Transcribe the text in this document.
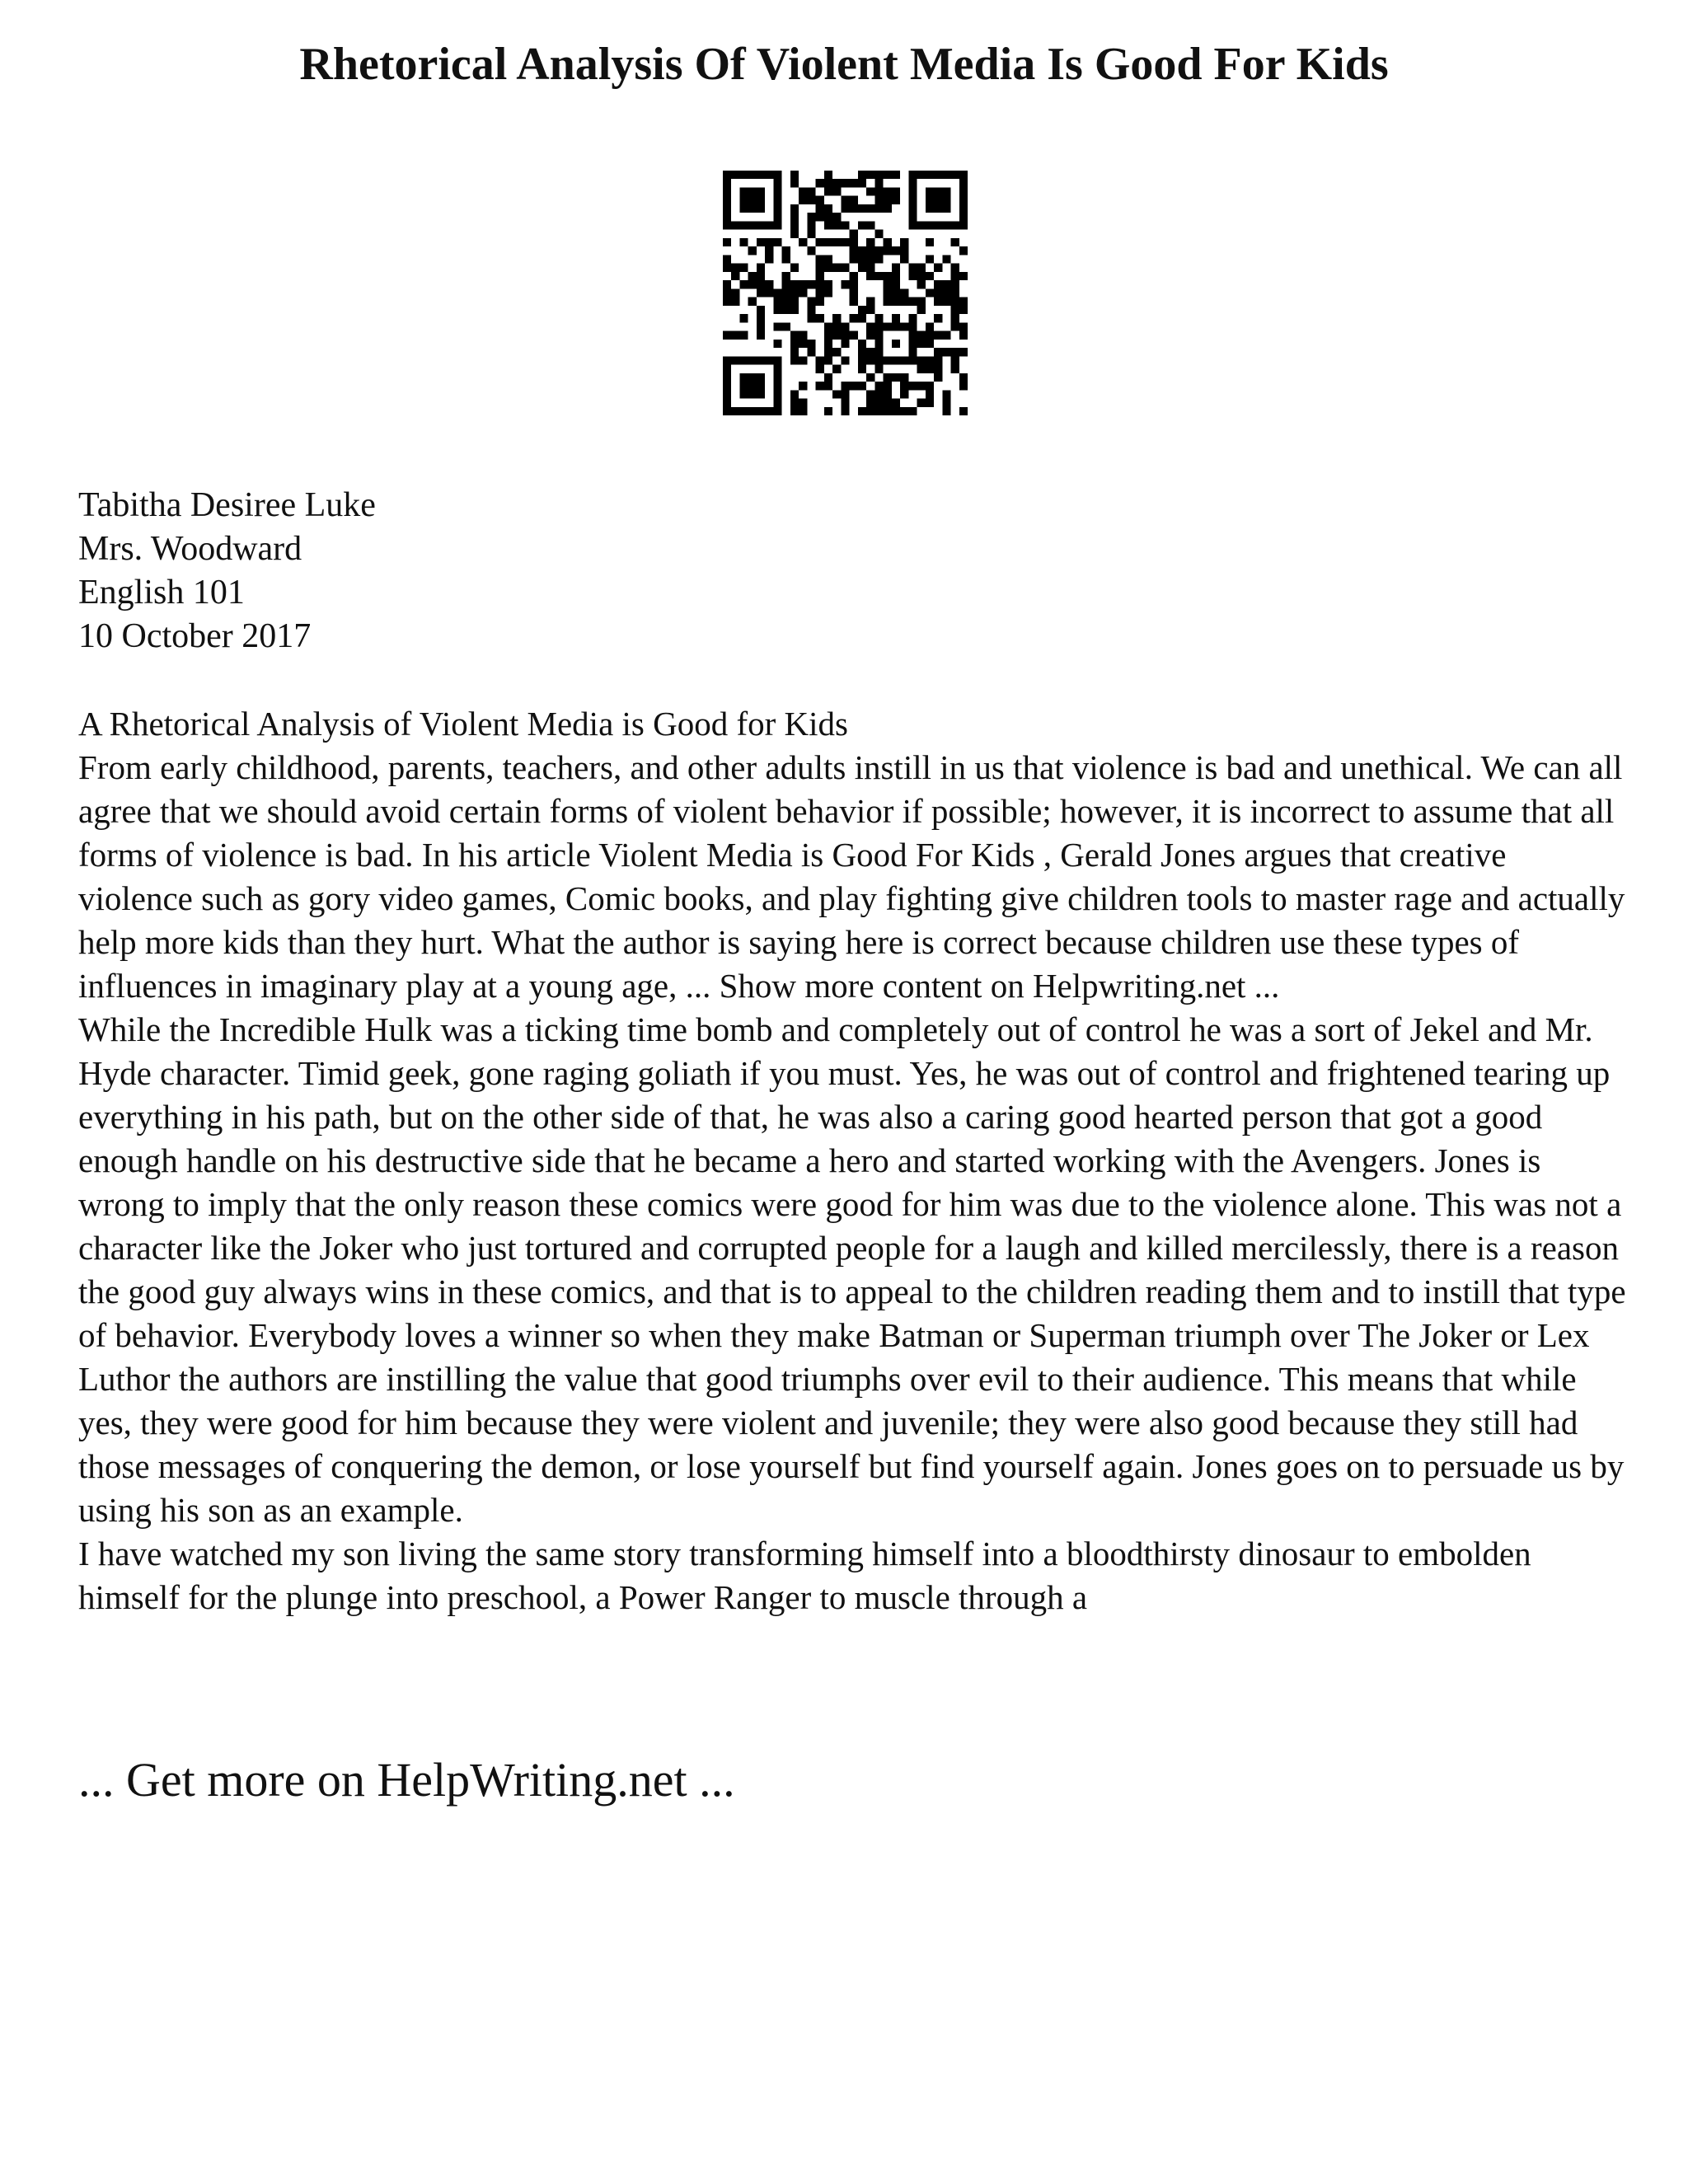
Rhetorical Analysis Of Violent Media Is Good For Kids
Tabitha Desiree Luke
Mrs. Woodward
English 101
10 October 2017

A Rhetorical Analysis of Violent Media is Good for Kids

From early childhood, parents, teachers, and other adults instill in us that violence is bad and unethical. We can all agree that we should avoid certain forms of violent behavior if possible; however, it is incorrect to assume that all forms of violence is bad. In his article Violent Media is Good For Kids , Gerald Jones argues that creative violence such as gory video games, Comic books, and play fighting give children tools to master rage and actually help more kids than they hurt. What the author is saying here is correct because children use these types of influences in imaginary play at a young age, ... Show more content on Helpwriting.net ...

While the Incredible Hulk was a ticking time bomb and completely out of control he was a sort of Jekel and Mr. Hyde character. Timid geek, gone raging goliath if you must. Yes, he was out of control and frightened tearing up everything in his path, but on the other side of that, he was also a caring good hearted person that got a good enough handle on his destructive side that he became a hero and started working with the Avengers. Jones is wrong to imply that the only reason these comics were good for him was due to the violence alone. This was not a character like the Joker who just tortured and corrupted people for a laugh and killed mercilessly, there is a reason the good guy always wins in these comics, and that is to appeal to the children reading them and to instill that type of behavior. Everybody loves a winner so when they make Batman or Superman triumph over The Joker or Lex Luthor the authors are instilling the value that good triumphs over evil to their audience. This means that while yes, they were good for him because they were violent and juvenile; they were also good because they still had those messages of conquering the demon, or lose yourself but find yourself again. Jones goes on to persuade us by using his son as an example.

I have watched my son living the same story transforming himself into a bloodthirsty dinosaur to embolden himself for the plunge into preschool, a Power Ranger to muscle through a

... Get more on HelpWriting.net ...
